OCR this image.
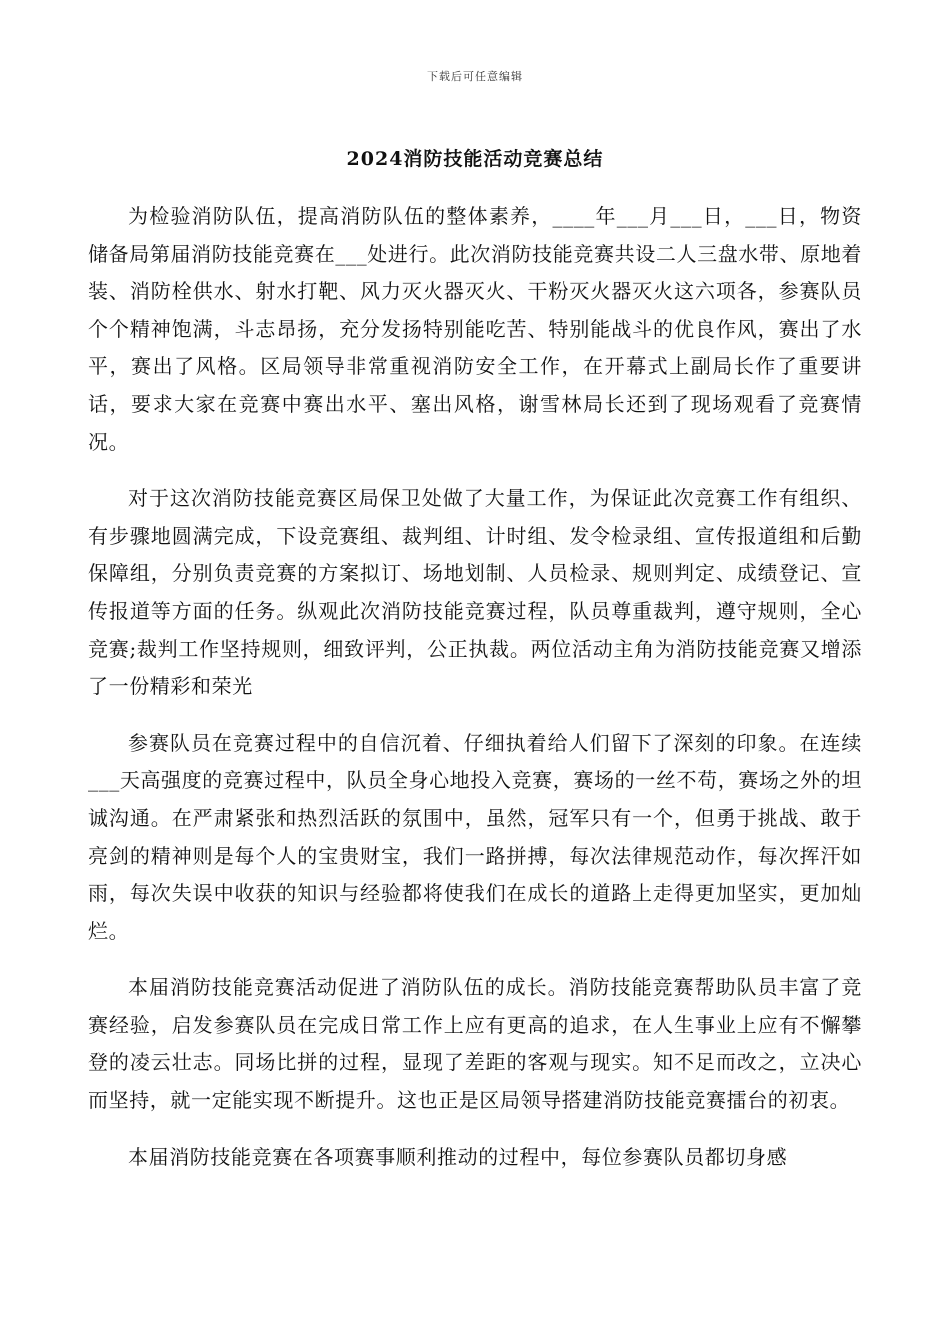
下载后可任意编辑
2024消防技能活动竞赛总结

为检验消防队伍，提高消防队伍的整体素养，____年___月___日，___日，物资储备局第届消防技能竞赛在___处进行。此次消防技能竞赛共设二人三盘水带、原地着装、消防栓供水、射水打靶、风力灭火器灭火、干粉灭火器灭火这六项各，参赛队员个个精神饱满，斗志昂扬，充分发扬特别能吃苦、特别能战斗的优良作风，赛出了水平，赛出了风格。区局领导非常重视消防安全工作，在开幕式上副局长作了重要讲话，要求大家在竞赛中赛出水平、塞出风格，谢雪林局长还到了现场观看了竞赛情况。

对于这次消防技能竞赛区局保卫处做了大量工作，为保证此次竞赛工作有组织、有步骤地圆满完成，下设竞赛组、裁判组、计时组、发令检录组、宣传报道组和后勤保障组，分别负责竞赛的方案拟订、场地划制、人员检录、规则判定、成绩登记、宣传报道等方面的任务。纵观此次消防技能竞赛过程，队员尊重裁判，遵守规则，全心竞赛;裁判工作坚持规则，细致评判，公正执裁。两位活动主角为消防技能竞赛又增添了一份精彩和荣光

参赛队员在竞赛过程中的自信沉着、仔细执着给人们留下了深刻的印象。在连续___天高强度的竞赛过程中，队员全身心地投入竞赛，赛场的一丝不苟，赛场之外的坦诚沟通。在严肃紧张和热烈活跃的氛围中，虽然，冠军只有一个，但勇于挑战、敢于亮剑的精神则是每个人的宝贵财宝，我们一路拼搏，每次法律规范动作，每次挥汗如雨，每次失误中收获的知识与经验都将使我们在成长的道路上走得更加坚实，更加灿烂。

本届消防技能竞赛活动促进了消防队伍的成长。消防技能竞赛帮助队员丰富了竞赛经验，启发参赛队员在完成日常工作上应有更高的追求，在人生事业上应有不懈攀登的凌云壮志。同场比拼的过程，显现了差距的客观与现实。知不足而改之，立决心而坚持，就一定能实现不断提升。这也正是区局领导搭建消防技能竞赛擂台的初衷。

本届消防技能竞赛在各项赛事顺利推动的过程中，每位参赛队员都切身感
